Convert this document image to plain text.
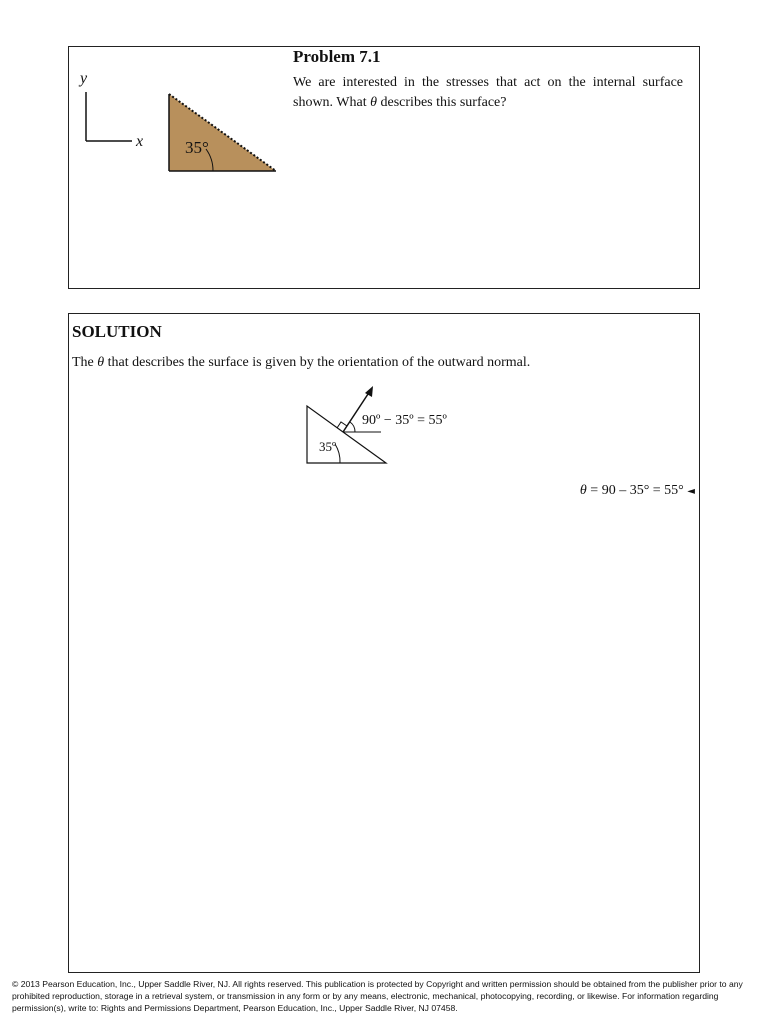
y
x 35°
Problem 7.1
We are interested in the stresses that act on the internal surface shown. What θ describes this surface?
SOLUTION
The θ that describes the surface is given by the orientation of the outward normal.
90º − 35º = 55º
35º
θ = 90 – 35° = 55° ◄
© 2013 Pearson Education, Inc., Upper Saddle River, NJ. All rights reserved. This publication is protected by Copyright and written permission should be obtained from the publisher prior to any prohibited reproduction, storage in a retrieval system, or transmission in any form or by any means, electronic, mechanical, photocopying, recording, or likewise. For information regarding permission(s), write to: Rights and Permissions Department, Pearson Education, Inc., Upper Saddle River, NJ 07458.
